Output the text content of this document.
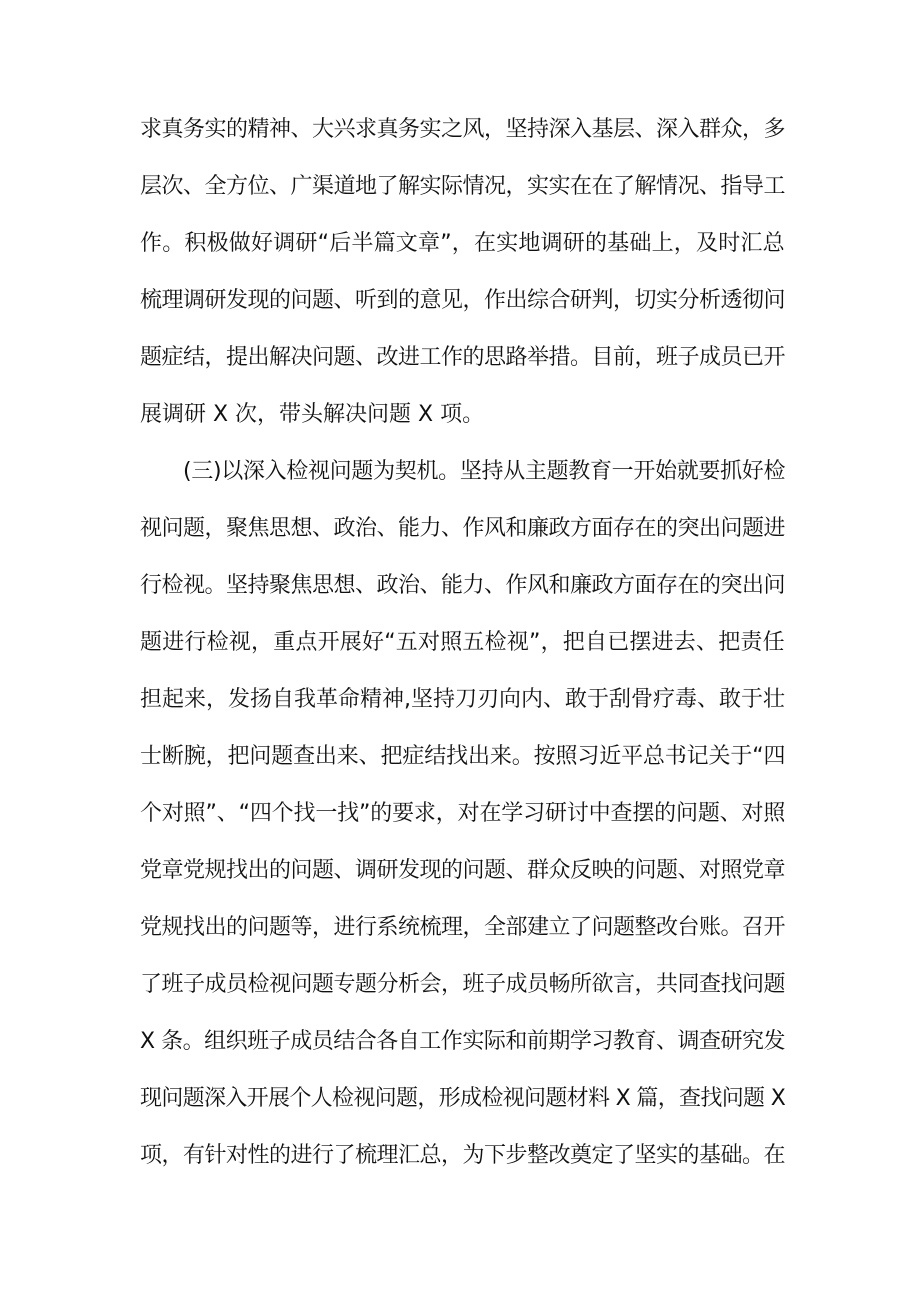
求真务实的精神、大兴求真务实之风，坚持深入基层、深入群众，多
层次、全方位、广渠道地了解实际情况，实实在在了解情况、指导工
作。积极做好调研“后半篇文章”，在实地调研的基础上，及时汇总
梳理调研发现的问题、听到的意见，作出综合研判，切实分析透彻问
题症结，提出解决问题、改进工作的思路举措。目前，班子成员已开
展调研 X 次，带头解决问题 X 项。
(三)以深入检视问题为契机。坚持从主题教育一开始就要抓好检
视问题，聚焦思想、政治、能力、作风和廉政方面存在的突出问题进
行检视。坚持聚焦思想、政治、能力、作风和廉政方面存在的突出问
题进行检视，重点开展好“五对照五检视”，把自已摆进去、把责任
担起来，发扬自我革命精神,坚持刀刃向内、敢于刮骨疗毒、敢于壮
士断腕，把问题查出来、把症结找出来。按照习近平总书记关于“四
个对照”、“四个找一找”的要求，对在学习研讨中查摆的问题、对照
党章党规找出的问题、调研发现的问题、群众反映的问题、对照党章
党规找出的问题等，进行系统梳理，全部建立了问题整改台账。召开
了班子成员检视问题专题分析会，班子成员畅所欲言，共同查找问题
X 条。组织班子成员结合各自工作实际和前期学习教育、调查研究发
现问题深入开展个人检视问题，形成检视问题材料 X 篇，查找问题 X
项，有针对性的进行了梳理汇总，为下步整改奠定了坚实的基础。在
